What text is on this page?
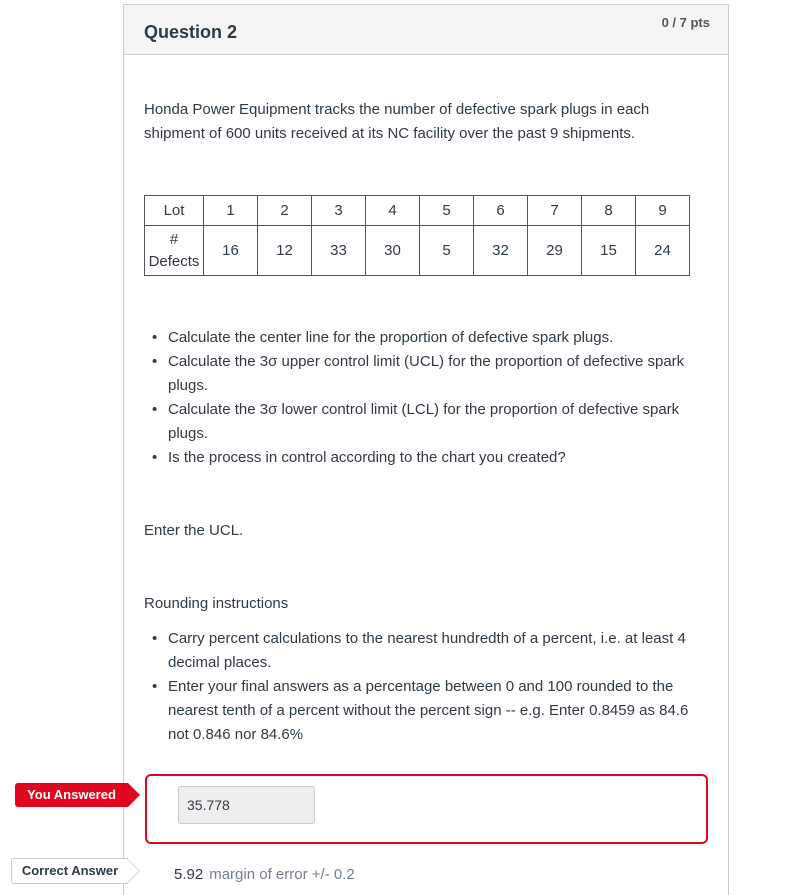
Question 2	0 / 7 pts
Honda Power Equipment tracks the number of defective spark plugs in each shipment of 600 units received at its NC facility over the past 9 shipments.
Lot	1	2	3	4	5	6	7	8	9
#
Defects	16	12	33	30	5	32	29	15	24
• Calculate the center line for the proportion of defective spark plugs.
• Calculate the 3σ upper control limit (UCL) for the proportion of defective spark plugs.
• Calculate the 3σ lower control limit (LCL) for the proportion of defective spark plugs.
• Is the process in control according to the chart you created?
Enter the UCL.
Rounding instructions
• Carry percent calculations to the nearest hundredth of a percent, i.e. at least 4 decimal places.
• Enter your final answers as a percentage between 0 and 100 rounded to the nearest tenth of a percent without the percent sign -- e.g. Enter 0.8459 as 84.6 not 0.846 nor 84.6%
35.778
5.92 margin of error +/- 0.2
You Answered
Correct Answer
